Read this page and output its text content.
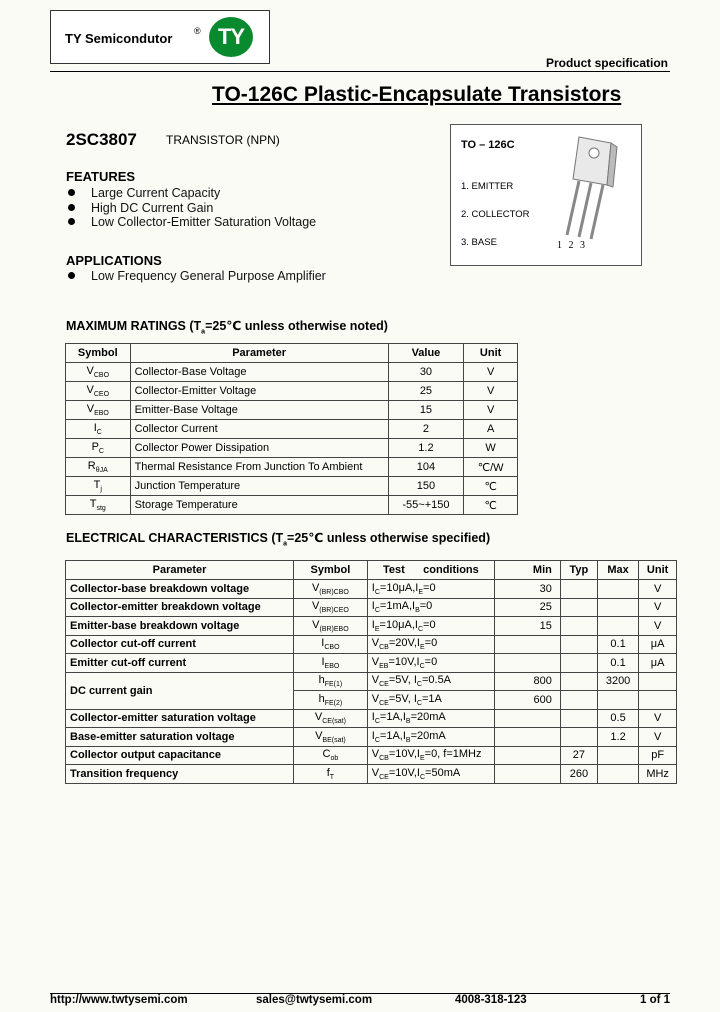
TY Semicondutor ® TY
Product specification
TO-126C Plastic-Encapsulate Transistors
2SC3807 TRANSISTOR (NPN)
FEATURES
Large Current Capacity
High DC Current Gain
Low Collector-Emitter Saturation Voltage
APPLICATIONS
Low Frequency General Purpose Amplifier
TO – 126C
1. EMITTER
2. COLLECTOR
3. BASE	1 2 3
MAXIMUM RATINGS ($T_a=25℃$ unless otherwise noted)
Symbol	Parameter	Value	Unit
$V_{CBO}$	Collector-Base Voltage	30	V
$V_{CEO}$	Collector-Emitter Voltage	25	V
$V_{EBO}$	Emitter-Base Voltage	15	V
$I_C$	Collector Current	2	A
$P_C$	Collector Power Dissipation	1.2	W
$R_{\theta JA}$	Thermal Resistance From Junction To Ambient	104	℃/W
$T_j$	Junction Temperature	150	℃
$T_{stg}$	Storage Temperature	-55~+150	℃
ELECTRICAL CHARACTERISTICS ($T_a=25℃$ unless otherwise specified)
Parameter	Symbol	Test      conditions	Min	Typ	Max	Unit
Collector-base breakdown voltage	$V_{(BR)CBO}$	$I_C=10\mu A,I_E=0$	30			V
Collector-emitter breakdown voltage	$V_{(BR)CEO}$	$I_C=1mA,I_B=0$	25			V
Emitter-base breakdown voltage	$V_{(BR)EBO}$	$I_E=10\mu A,I_C=0$	15			V
Collector cut-off current	$I_{CBO}$	$V_{CB}=20V,I_E=0$			0.1	μA
Emitter cut-off current	$I_{EBO}$	$V_{EB}=10V,I_C=0$			0.1	μA
DC current gain	$h_{FE(1)}$	$V_{CE}=5V$, $I_C=0.5A$	800		3200	
	$h_{FE(2)}$	$V_{CE}=5V$, $I_C=1A$	600			
Collector-emitter saturation voltage	$V_{CE(sat)}$	$I_C=1A,I_B=20mA$			0.5	V
Base-emitter saturation voltage	$V_{BE(sat)}$	$I_C=1A,I_B=20mA$			1.2	V
Collector output capacitance	$C_{ob}$	$V_{CB}=10V,I_E=0$, f=1MHz		27		pF
Transition frequency	$f_T$	$V_{CE}=10V,I_C=50mA$		260		MHz
http://www.twtysemi.com	sales@twtysemi.com	4008-318-123	1 of 1
